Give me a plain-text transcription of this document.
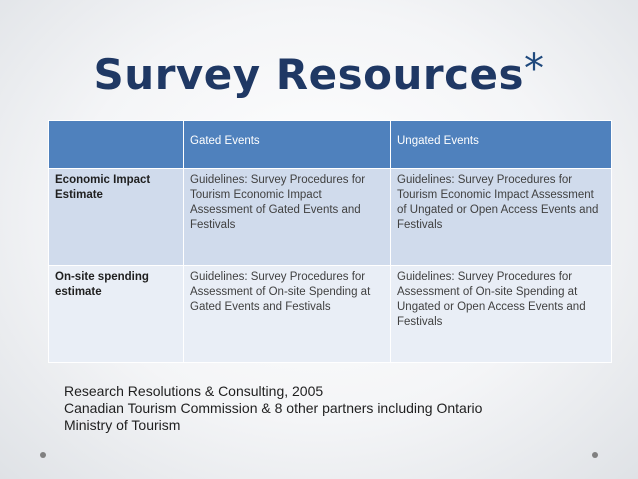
Survey Resources*
	Gated Events	Ungated Events
Economic Impact Estimate	Guidelines: Survey Procedures for Tourism Economic Impact Assessment of Gated Events and Festivals	Guidelines: Survey Procedures for Tourism Economic Impact Assessment of Ungated or Open Access Events and Festivals
On-site spending estimate	Guidelines: Survey Procedures for Assessment of On-site Spending at Gated Events and Festivals	Guidelines: Survey Procedures for Assessment of On-site Spending at Ungated or Open Access Events and Festivals
Research Resolutions & Consulting, 2005
Canadian Tourism Commission & 8 other partners including Ontario
Ministry of Tourism
